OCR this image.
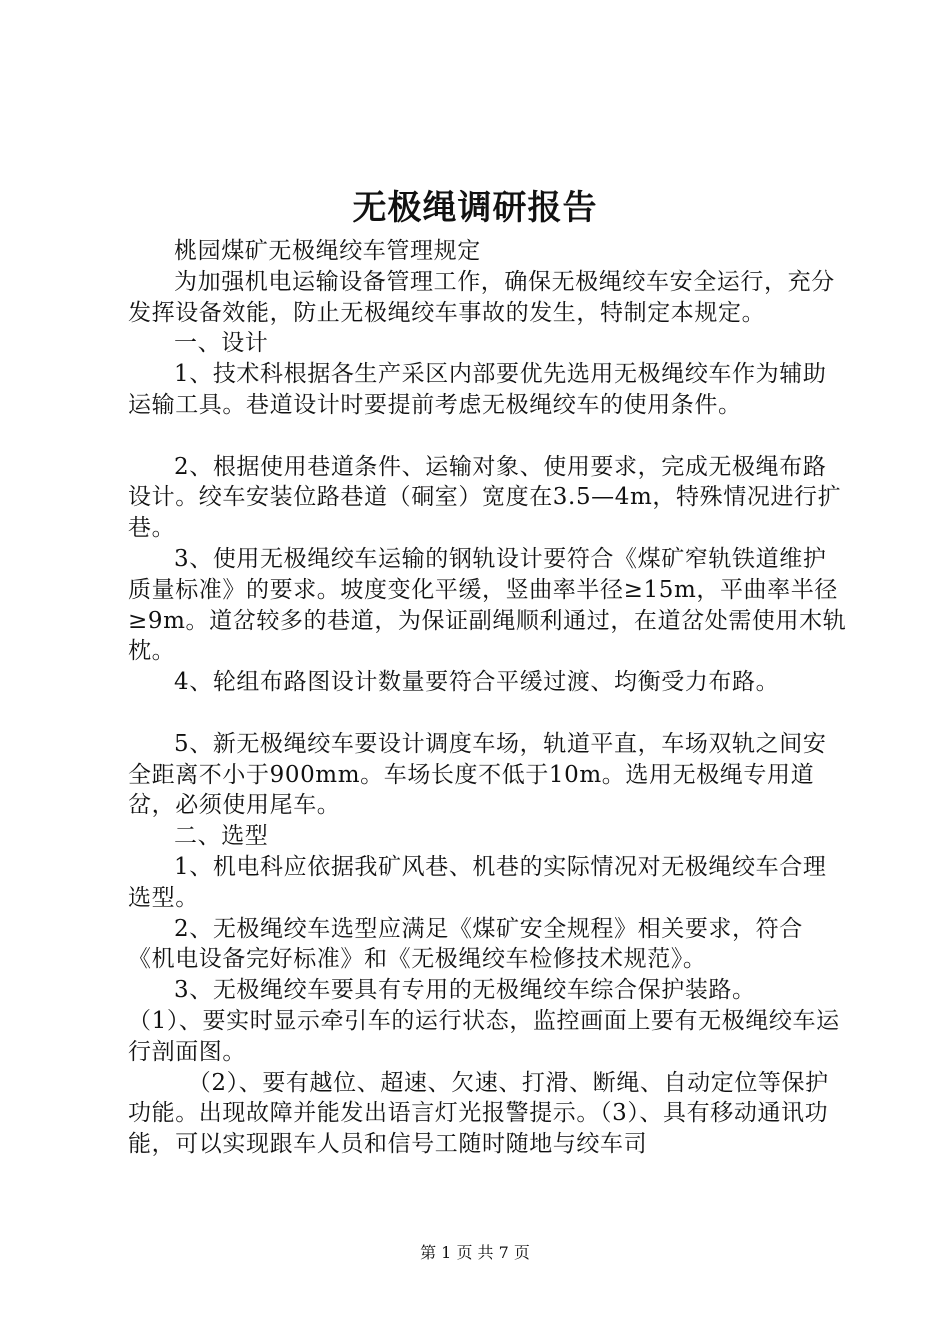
无极绳调研报告

桃园煤矿无极绳绞车管理规定

为加强机电运输设备管理工作，确保无极绳绞车安全运行，充分发挥设备效能，防止无极绳绞车事故的发生，特制定本规定。

一、设计

1、技术科根据各生产采区内部要优先选用无极绳绞车作为辅助运输工具。巷道设计时要提前考虑无极绳绞车的使用条件。

2、根据使用巷道条件、运输对象、使用要求，完成无极绳布路设计。绞车安装位路巷道（硐室）宽度在3.5—4m，特殊情况进行扩巷。

3、使用无极绳绞车运输的钢轨设计要符合《煤矿窄轨铁道维护质量标准》的要求。坡度变化平缓，竖曲率半径≥15m，平曲率半径≥9m。道岔较多的巷道，为保证副绳顺利通过，在道岔处需使用木轨枕。

4、轮组布路图设计数量要符合平缓过渡、均衡受力布路。

5、新无极绳绞车要设计调度车场，轨道平直，车场双轨之间安全距离不小于900mm。车场长度不低于10m。选用无极绳专用道岔，必须使用尾车。

二、选型

1、机电科应依据我矿风巷、机巷的实际情况对无极绳绞车合理选型。

2、无极绳绞车选型应满足《煤矿安全规程》相关要求，符合《机电设备完好标准》和《无极绳绞车检修技术规范》。

3、无极绳绞车要具有专用的无极绳绞车综合保护装路。

（1）、要实时显示牵引车的运行状态，监控画面上要有无极绳绞车运行剖面图。

（2）、要有越位、超速、欠速、打滑、断绳、自动定位等保护功能。出现故障并能发出语言灯光报警提示。（3）、具有移动通讯功能，可以实现跟车人员和信号工随时随地与绞车司

第 1 页 共 7 页
